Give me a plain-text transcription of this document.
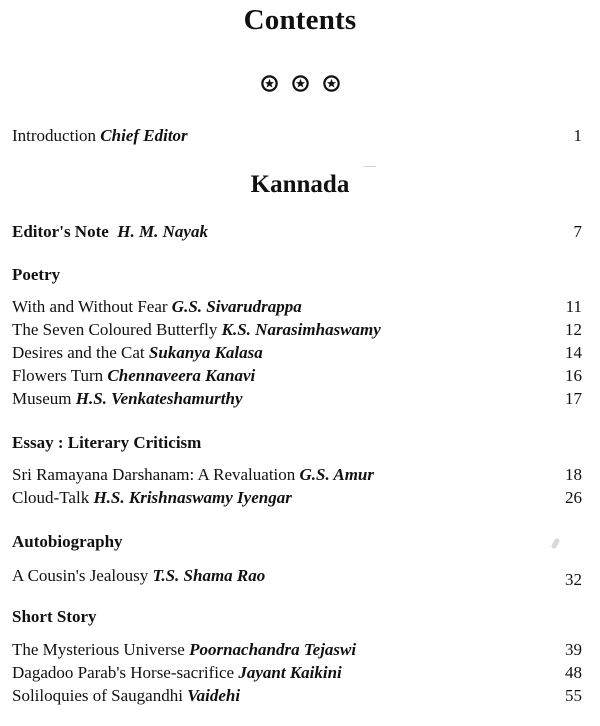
Contents
Introduction Chief Editor	1
Kannada
Editor's Note H. M. Nayak	7
Poetry
With and Without Fear G.S. Sivarudrappa	11
The Seven Coloured Butterfly K.S. Narasimhaswamy	12
Desires and the Cat Sukanya Kalasa	14
Flowers Turn Chennaveera Kanavi	16
Museum H.S. Venkateshamurthy	17
Essay : Literary Criticism
Sri Ramayana Darshanam: A Revaluation G.S. Amur	18
Cloud-Talk H.S. Krishnaswamy Iyengar	26
Autobiography
A Cousin's Jealousy T.S. Shama Rao	32
Short Story
The Mysterious Universe Poornachandra Tejaswi	39
Dagadoo Parab's Horse-sacrifice Jayant Kaikini	48
Soliloquies of Saugandhi Vaidehi	55
